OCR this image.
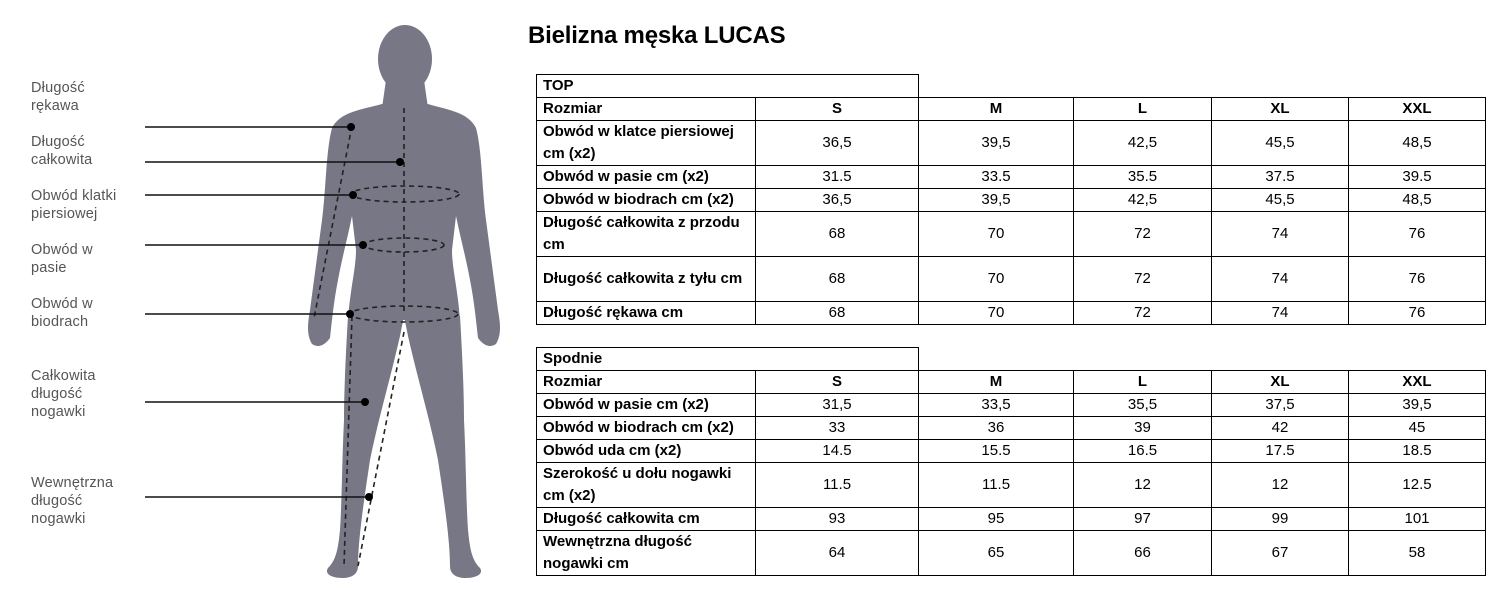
Długość
rękawa
Długość
całkowita
Obwód klatki
piersiowej
Obwód w
pasie
Obwód w
biodrach
Całkowita
długość
nogawki
Wewnętrzna
długość
nogawki
Bielizna męska LUCAS
TOP					
Rozmiar	S	M	L	XL	XXL
Obwód w klatce piersiowej cm (x2)	36,5	39,5	42,5	45,5	48,5
Obwód w pasie cm (x2)	31.5	33.5	35.5	37.5	39.5
Obwód w biodrach cm (x2)	36,5	39,5	42,5	45,5	48,5
Długość całkowita z przodu cm	68	70	72	74	76
Długość całkowita z tyłu cm	68	70	72	74	76
Długość rękawa cm	68	70	72	74	76
Spodnie					
Rozmiar	S	M	L	XL	XXL
Obwód w pasie cm (x2)	31,5	33,5	35,5	37,5	39,5
Obwód w biodrach cm (x2)	33	36	39	42	45
Obwód uda cm (x2)	14.5	15.5	16.5	17.5	18.5
Szerokość u dołu nogawki cm (x2)	11.5	11.5	12	12	12.5
Długość całkowita cm	93	95	97	99	101
Wewnętrzna długość nogawki cm	64	65	66	67	58
